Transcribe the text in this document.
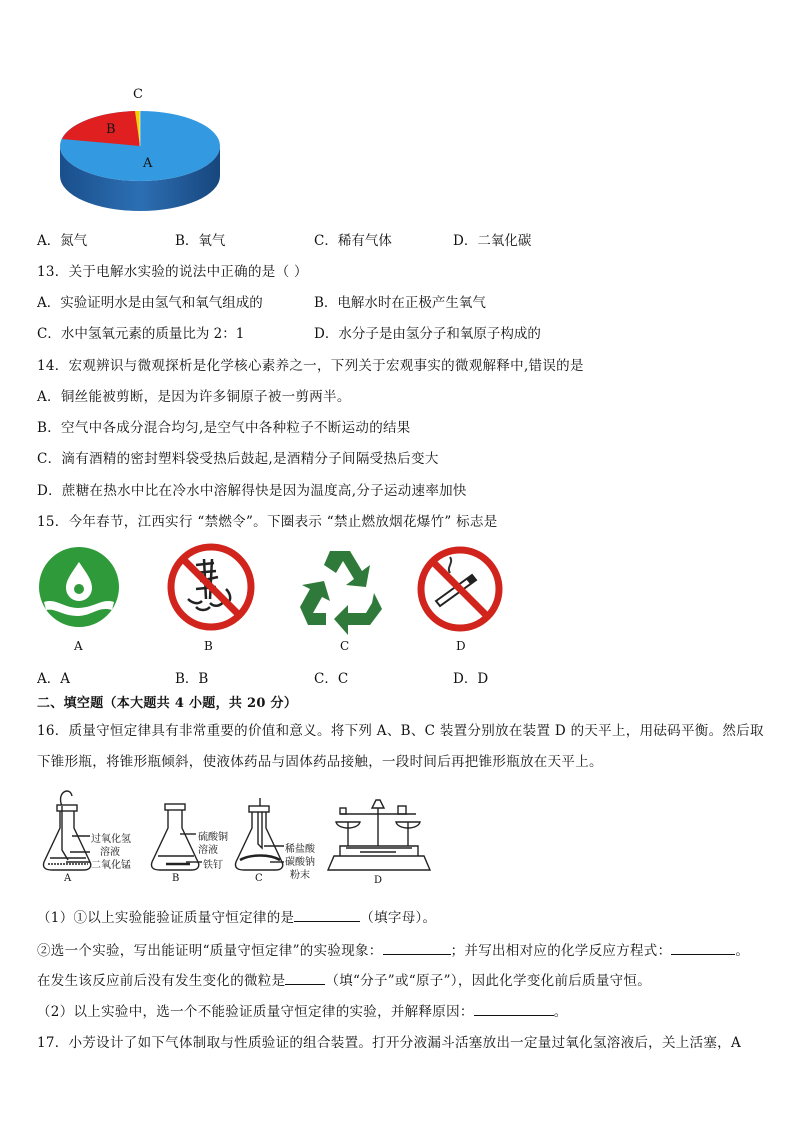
C
B
A
A．氮气	B．氧气	C．稀有气体	D．二氧化碳
13．关于电解水实验的说法中正确的是（ ）
A．实验证明水是由氢气和氧气组成的	B．电解水时在正极产生氧气
C．水中氢氧元素的质量比为 2：1	D．水分子是由氢分子和氧原子构成的
14．宏观辨识与微观探析是化学核心素养之一，下列关于宏观事实的微观解释中,错误的是
A．铜丝能被剪断，是因为许多铜原子被一剪两半。
B．空气中各成分混合均匀,是空气中各种粒子不断运动的结果
C．滴有酒精的密封塑料袋受热后鼓起,是酒精分子间隔受热后变大
D．蔗糖在热水中比在冷水中溶解得快是因为温度高,分子运动速率加快
15．今年春节，江西实行 “禁燃令”。下圈表示 “禁止燃放烟花爆竹” 标志是
A	B	C	D
A．A	B．B	C．C	D．D
二、填空题（本大题共 4 小题，共 20 分）
16．质量守恒定律具有非常重要的价值和意义。将下列 A、B、C 装置分别放在装置 D 的天平上，用砝码平衡。然后取
下锥形瓶，将锥形瓶倾斜，使液体药品与固体药品接触，一段时间后再把锥形瓶放在天平上。
过氧化氢
溶液
二氧化锰
硫酸铜
溶液
铁钉
稀盐酸
碳酸钠
粉末
A	B	C	D
（1）①以上实验能验证质量守恒定律的是	（填字母）。
②选一个实验，写出能证明“质量守恒定律”的实验现象：	；并写出相对应的化学反应方程式：	。
在发生该反应前后没有发生变化的微粒是	（填“分子”或“原子”），因此化学变化前后质量守恒。
（2）以上实验中，选一个不能验证质量守恒定律的实验，并解释原因：	。
17．小芳设计了如下气体制取与性质验证的组合装置。打开分液漏斗活塞放出一定量过氧化氢溶液后，关上活塞，A
